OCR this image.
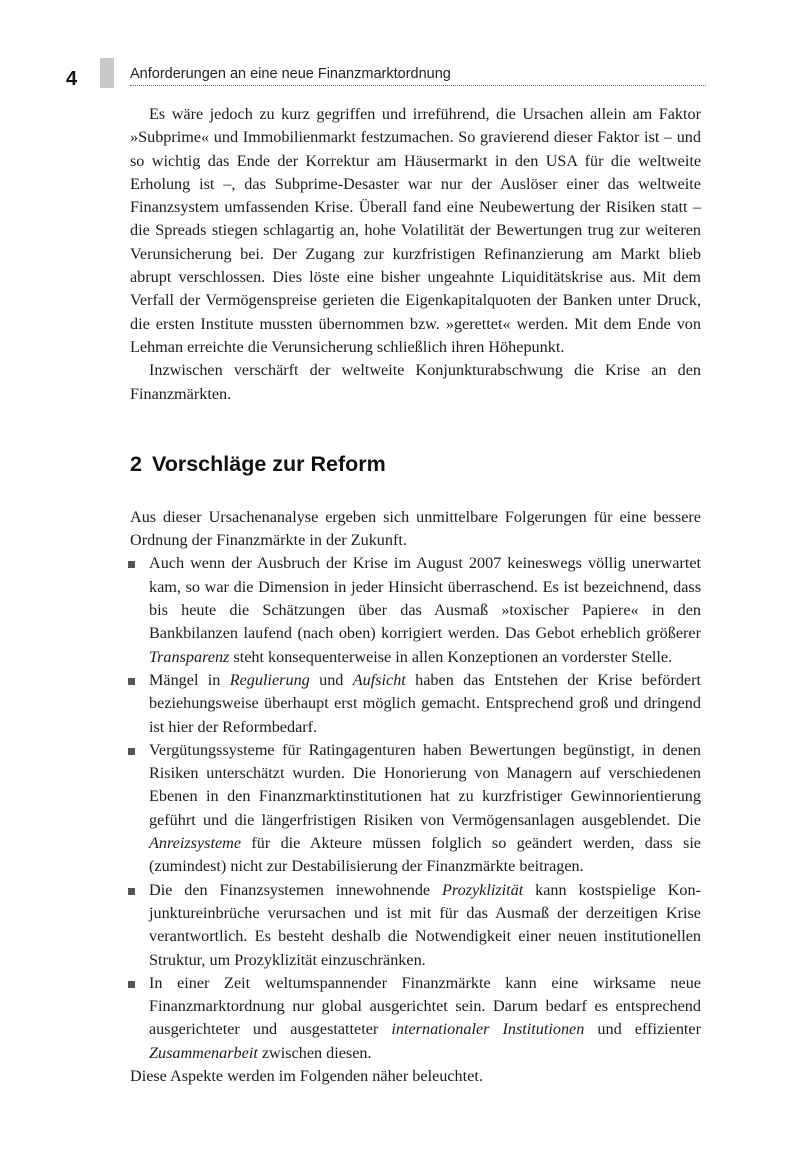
4	Anforderungen an eine neue Finanzmarktordnung

Es wäre jedoch zu kurz gegriffen und irreführend, die Ursachen allein am Faktor »Subprime« und Immobilienmarkt festzumachen. So gravierend dieser Faktor ist – und so wichtig das Ende der Korrektur am Häusermarkt in den USA für die weltweite Erholung ist –, das Subprime-Desaster war nur der Auslöser einer das weltweite Finanzsystem umfassenden Krise. Überall fand eine Neubewertung der Risiken statt – die Spreads stiegen schlagartig an, hohe Volatilität der Bewertungen trug zur weiteren Verunsicherung bei. Der Zugang zur kurzfristigen Refinanzierung am Markt blieb abrupt verschlossen. Dies löste eine bisher ungeahnte Liquiditätskrise aus. Mit dem Verfall der Vermögenspreise gerieten die Eigenkapitalquoten der Banken unter Druck, die ersten Institute mussten übernommen bzw. »gerettet« werden. Mit dem Ende von Lehman erreichte die Verunsicherung schließlich ihren Höhepunkt.

Inzwischen verschärft der weltweite Konjunkturabschwung die Krise an den Finanzmärkten.

2 Vorschläge zur Reform

Aus dieser Ursachenanalyse ergeben sich unmittelbare Folgerungen für eine bessere Ordnung der Finanzmärkte in der Zukunft.

Auch wenn der Ausbruch der Krise im August 2007 keineswegs völlig unerwartet kam, so war die Dimension in jeder Hinsicht überraschend. Es ist bezeichnend, dass bis heute die Schätzungen über das Ausmaß »toxischer Papiere« in den Bankbilanzen laufend (nach oben) korrigiert werden. Das Gebot erheblich größerer Transparenz steht konsequenterweise in allen Konzeptionen an vorderster Stelle.
Mängel in Regulierung und Aufsicht haben das Entstehen der Krise befördert beziehungsweise überhaupt erst möglich gemacht. Entsprechend groß und dringend ist hier der Reformbedarf.
Vergütungssysteme für Ratingagenturen haben Bewertungen begünstigt, in denen Risiken unterschätzt wurden. Die Honorierung von Managern auf verschiedenen Ebenen in den Finanzmarktinstitutionen hat zu kurzfristiger Gewinnorientierung geführt und die längerfristigen Risiken von Vermögensanlagen ausgeblendet. Die Anreizsysteme für die Akteure müssen folglich so geändert werden, dass sie (zumindest) nicht zur Destabilisierung der Finanzmärkte beitragen.
Die den Finanzsystemen innewohnende Prozyklizität kann kostspielige Konjunktureinbrüche verursachen und ist mit für das Ausmaß der derzeitigen Krise verantwortlich. Es besteht deshalb die Notwendigkeit einer neuen institutionellen Struktur, um Prozyklizität einzuschränken.
In einer Zeit weltumspannender Finanzmärkte kann eine wirksame neue Finanzmarktordnung nur global ausgerichtet sein. Darum bedarf es entsprechend ausgerichteter und ausgestatteter internationaler Institutionen und effizienter Zusammenarbeit zwischen diesen.

Diese Aspekte werden im Folgenden näher beleuchtet.
